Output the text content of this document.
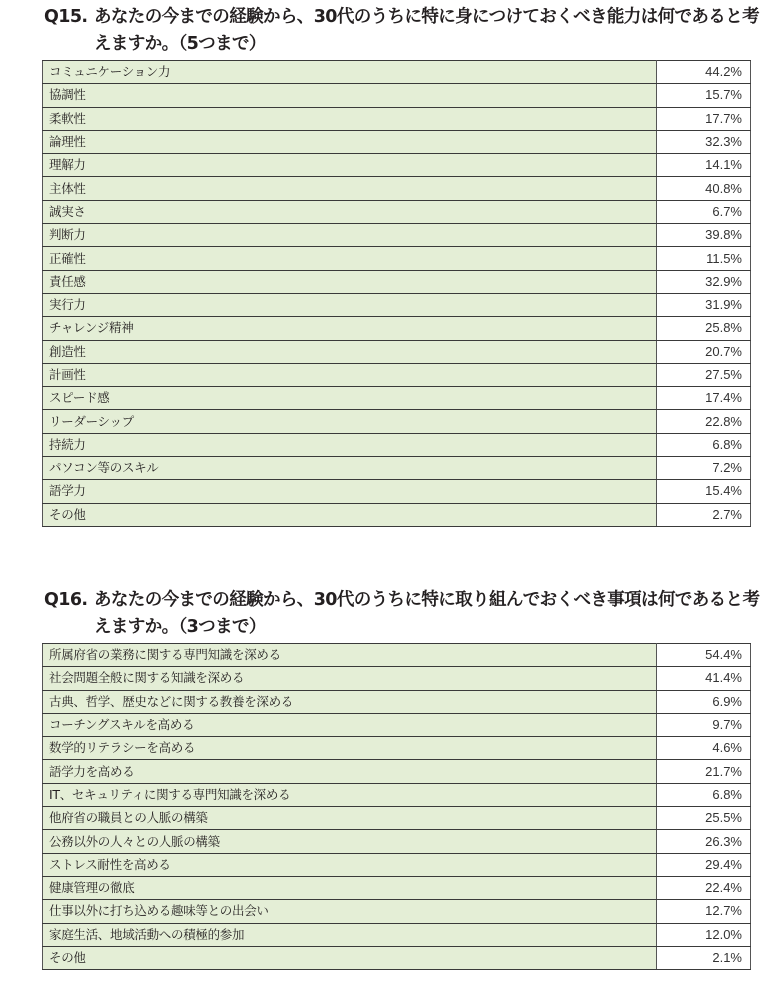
Q15. あなたの今までの経験から、30代のうちに特に身につけておくべき能力は何であると考
えますか。（5つまで）
コミュニケーション力	44.2%
協調性	15.7%
柔軟性	17.7%
論理性	32.3%
理解力	14.1%
主体性	40.8%
誠実さ	6.7%
判断力	39.8%
正確性	11.5%
責任感	32.9%
実行力	31.9%
チャレンジ精神	25.8%
創造性	20.7%
計画性	27.5%
スピード感	17.4%
リーダーシップ	22.8%
持続力	6.8%
パソコン等のスキル	7.2%
語学力	15.4%
その他	2.7%
Q16. あなたの今までの経験から、30代のうちに特に取り組んでおくべき事項は何であると考
えますか。（3つまで）
所属府省の業務に関する専門知識を深める	54.4%
社会問題全般に関する知識を深める	41.4%
古典、哲学、歴史などに関する教養を深める	6.9%
コーチングスキルを高める	9.7%
数学的リテラシーを高める	4.6%
語学力を高める	21.7%
IT、セキュリティに関する専門知識を深める	6.8%
他府省の職員との人脈の構築	25.5%
公務以外の人々との人脈の構築	26.3%
ストレス耐性を高める	29.4%
健康管理の徹底	22.4%
仕事以外に打ち込める趣味等との出会い	12.7%
家庭生活、地域活動への積極的参加	12.0%
その他	2.1%
